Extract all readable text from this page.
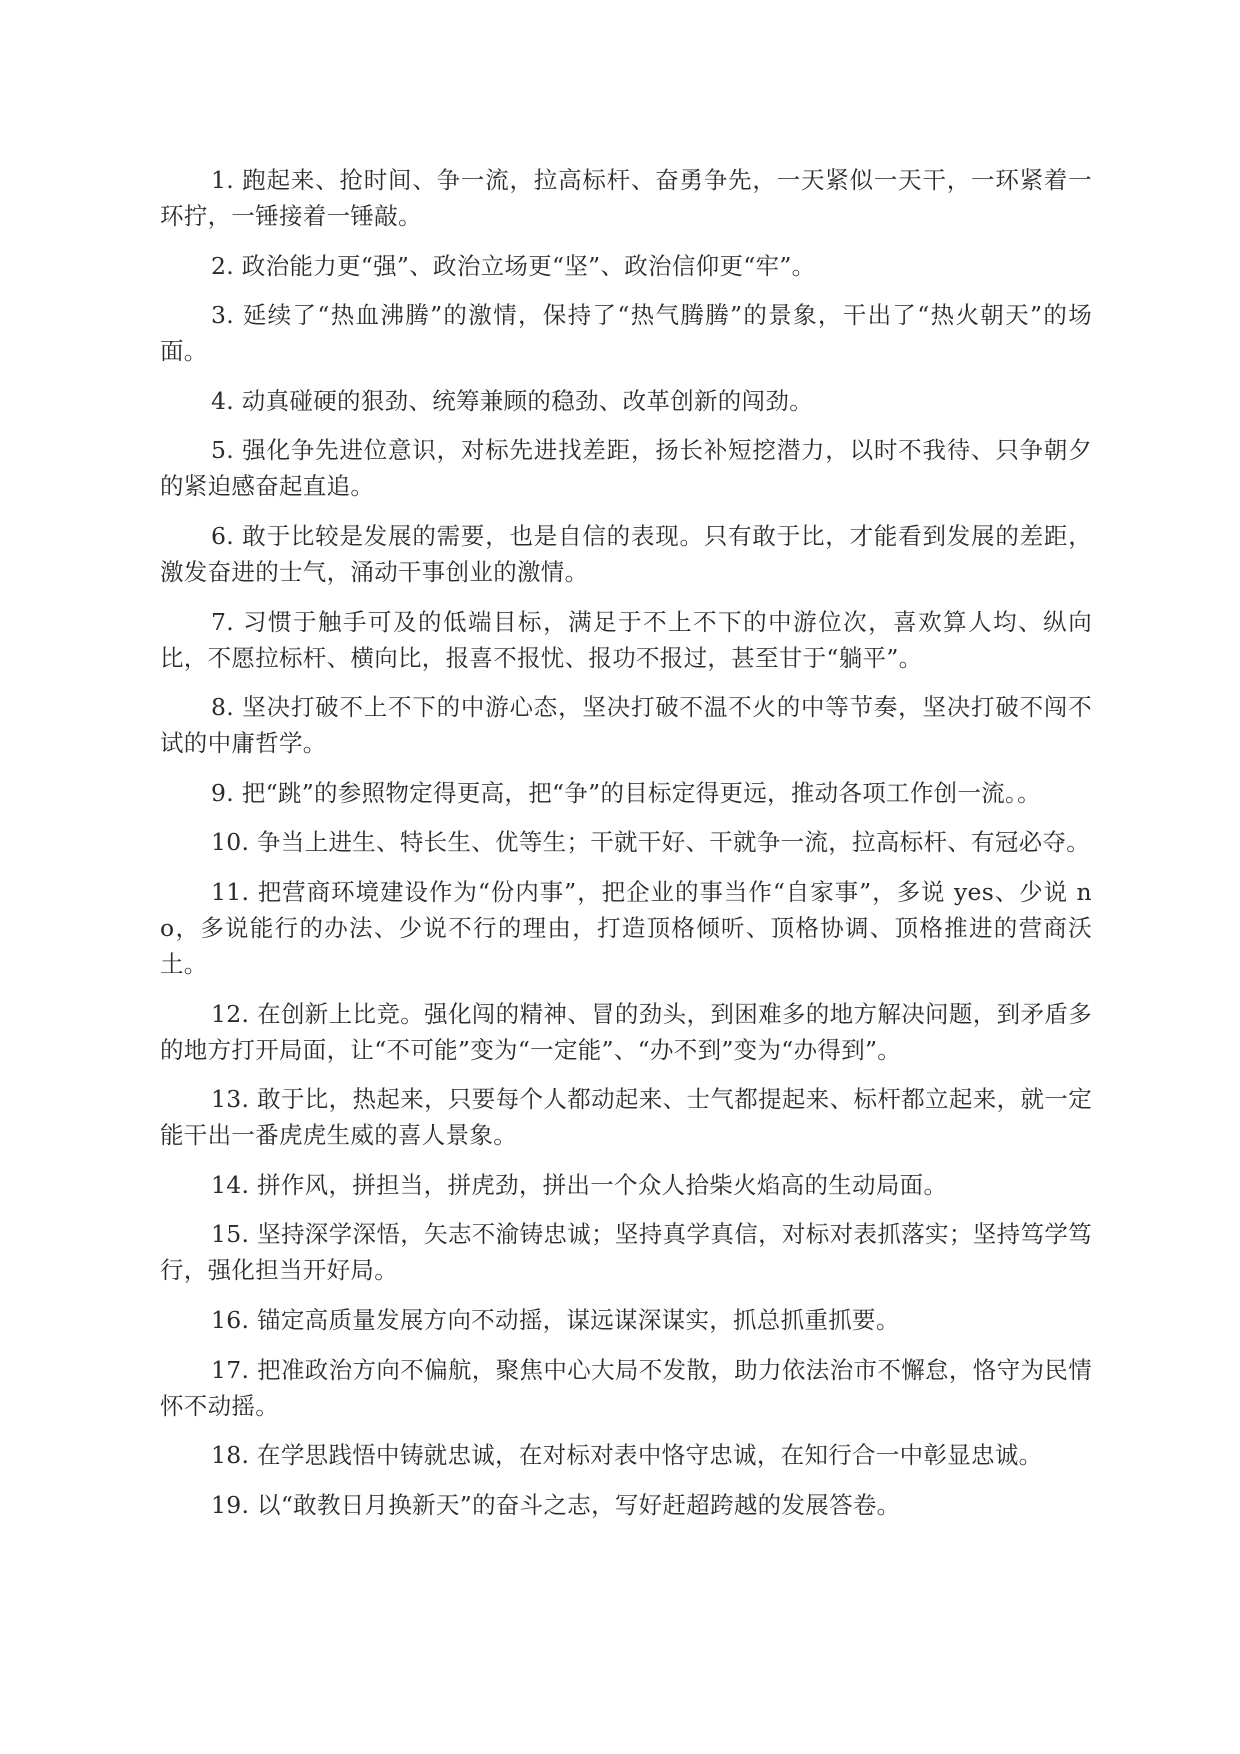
1. 跑起来、抢时间、争一流，拉高标杆、奋勇争先，一天紧似一天干，一环紧着一环拧，一锤接着一锤敲。

2. 政治能力更“强”、政治立场更“坚”、政治信仰更“牢”。

3. 延续了“热血沸腾”的激情，保持了“热气腾腾”的景象，干出了“热火朝天”的场面。

4. 动真碰硬的狠劲、统筹兼顾的稳劲、改革创新的闯劲。

5. 强化争先进位意识，对标先进找差距，扬长补短挖潜力，以时不我待、只争朝夕的紧迫感奋起直追。

6. 敢于比较是发展的需要，也是自信的表现。只有敢于比，才能看到发展的差距，激发奋进的士气，涌动干事创业的激情。

7. 习惯于触手可及的低端目标，满足于不上不下的中游位次，喜欢算人均、纵向比，不愿拉标杆、横向比，报喜不报忧、报功不报过，甚至甘于“躺平”。

8. 坚决打破不上不下的中游心态，坚决打破不温不火的中等节奏，坚决打破不闯不试的中庸哲学。

9. 把“跳”的参照物定得更高，把“争”的目标定得更远，推动各项工作创一流。。

10. 争当上进生、特长生、优等生；干就干好、干就争一流，拉高标杆、有冠必夺。

11. 把营商环境建设作为“份内事”，把企业的事当作“自家事”，多说 yes、少说 no，多说能行的办法、少说不行的理由，打造顶格倾听、顶格协调、顶格推进的营商沃土。

12. 在创新上比竞。强化闯的精神、冒的劲头，到困难多的地方解决问题，到矛盾多的地方打开局面，让“不可能”变为“一定能”、“办不到”变为“办得到”。

13. 敢于比，热起来，只要每个人都动起来、士气都提起来、标杆都立起来，就一定能干出一番虎虎生威的喜人景象。

14. 拼作风，拼担当，拼虎劲，拼出一个众人拾柴火焰高的生动局面。

15. 坚持深学深悟，矢志不渝铸忠诚；坚持真学真信，对标对表抓落实；坚持笃学笃行，强化担当开好局。

16. 锚定高质量发展方向不动摇，谋远谋深谋实，抓总抓重抓要。

17. 把准政治方向不偏航，聚焦中心大局不发散，助力依法治市不懈怠，恪守为民情怀不动摇。

18. 在学思践悟中铸就忠诚，在对标对表中恪守忠诚，在知行合一中彰显忠诚。

19. 以“敢教日月换新天”的奋斗之志，写好赶超跨越的发展答卷。
